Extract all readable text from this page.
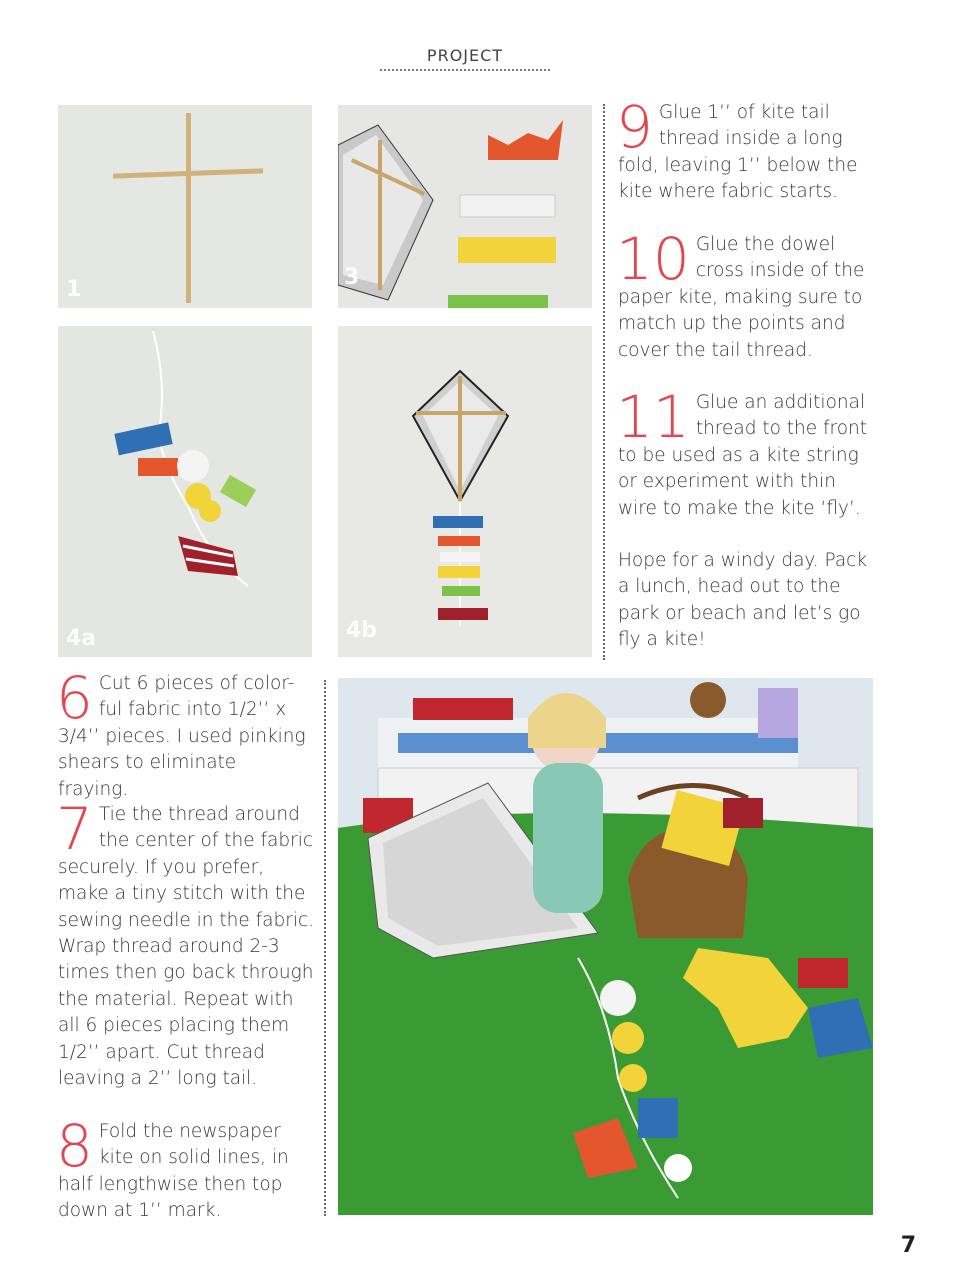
PROJECT
1	3
4a	4b
9 Glue 1’’ of kite tail thread inside a long fold, leaving 1’’ below the kite where fabric starts.

10 Glue the dowel cross inside of the paper kite, making sure to match up the points and cover the tail thread.

11 Glue an additional thread to the front to be used as a kite string or experiment with thin wire to make the kite ‘fly’.

Hope for a windy day. Pack a lunch, head out to the park or beach and let’s go fly a kite!

6 Cut 6 pieces of color-ful fabric into 1/2’’ x 3/4’’ pieces. I used pinking shears to eliminate fraying.

7 Tie the thread around the center of the fabric securely. If you prefer, make a tiny stitch with the sewing needle in the fabric. Wrap thread around 2-3 times then go back through the material. Repeat with all 6 pieces placing them 1/2’’ apart. Cut thread leaving a 2’’ long tail.

8 Fold the newspaper kite on solid lines, in half lengthwise then top down at 1’’ mark.

7
